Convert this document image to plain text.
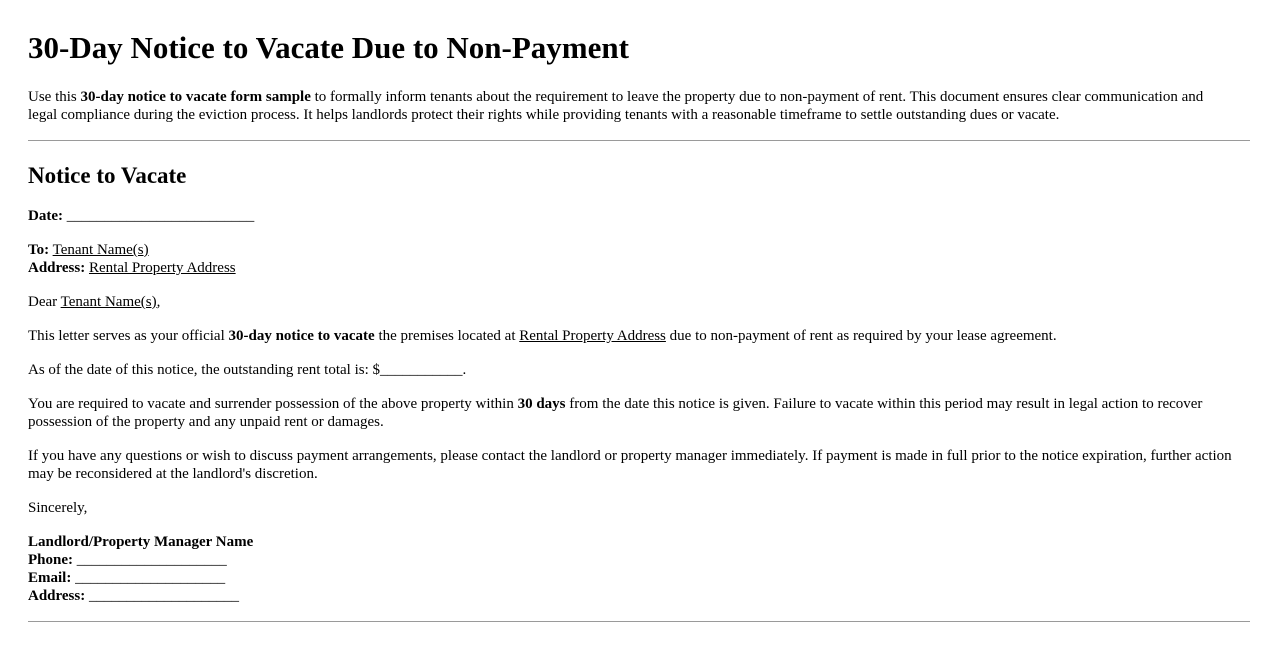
30-Day Notice to Vacate Due to Non-Payment

Use this 30-day notice to vacate form sample to formally inform tenants about the requirement to leave the property due to non-payment of rent. This document ensures clear communication and legal compliance during the eviction process. It helps landlords protect their rights while providing tenants with a reasonable timeframe to settle outstanding dues or vacate.

Notice to Vacate

Date: _________________________

To: Tenant Name(s)
Address: Rental Property Address

Dear Tenant Name(s),

This letter serves as your official 30-day notice to vacate the premises located at Rental Property Address due to non-payment of rent as required by your lease agreement.

As of the date of this notice, the outstanding rent total is: $___________.

You are required to vacate and surrender possession of the above property within 30 days from the date this notice is given. Failure to vacate within this period may result in legal action to recover possession of the property and any unpaid rent or damages.

If you have any questions or wish to discuss payment arrangements, please contact the landlord or property manager immediately. If payment is made in full prior to the notice expiration, further action may be reconsidered at the landlord's discretion.

Sincerely,

Landlord/Property Manager Name
Phone: ____________________
Email: ____________________
Address: ____________________
